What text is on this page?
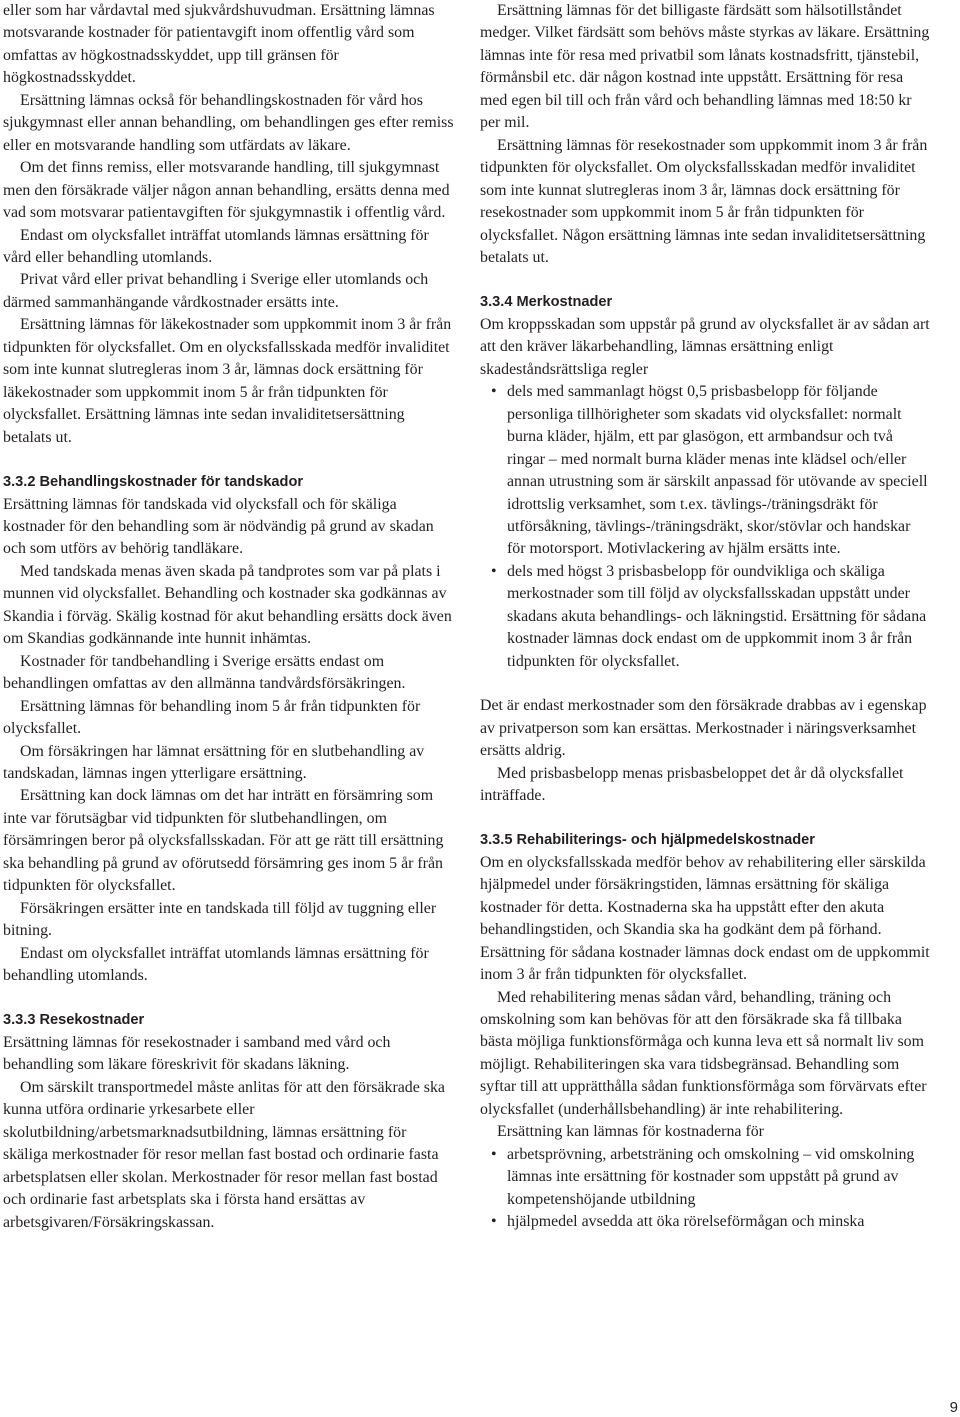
eller som har vårdavtal med sjukvårdshuvudman. Ersättning lämnas motsvarande kostnader för patientavgift inom offentlig vård som omfattas av högkostnadsskyddet, upp till gränsen för högkostnadsskyddet.

Ersättning lämnas också för behandlingskostnaden för vård hos sjukgymnast eller annan behandling, om behandlingen ges efter remiss eller en motsvarande handling som utfärdats av läkare.

Om det finns remiss, eller motsvarande handling, till sjukgymnast men den försäkrade väljer någon annan behandling, ersätts denna med vad som motsvarar patientavgiften för sjukgymnastik i offentlig vård.

Endast om olycksfallet inträffat utomlands lämnas ersättning för vård eller behandling utomlands.

Privat vård eller privat behandling i Sverige eller utomlands och därmed sammanhängande vårdkostnader ersätts inte.

Ersättning lämnas för läkekostnader som uppkommit inom 3 år från tidpunkten för olycksfallet. Om en olycksfallsskada medför invaliditet som inte kunnat slutregleras inom 3 år, lämnas dock ersättning för läkekostnader som uppkommit inom 5 år från tidpunkten för olycksfallet. Ersättning lämnas inte sedan invaliditetsersättning betalats ut.

3.3.2 Behandlingskostnader för tandskador

Ersättning lämnas för tandskada vid olycksfall och för skäliga kostnader för den behandling som är nödvändig på grund av skadan och som utförs av behörig tandläkare.

Med tandskada menas även skada på tandprotes som var på plats i munnen vid olycksfallet. Behandling och kostnader ska godkännas av Skandia i förväg. Skälig kostnad för akut behandling ersätts dock även om Skandias godkännande inte hunnit inhämtas.

Kostnader för tandbehandling i Sverige ersätts endast om behandlingen omfattas av den allmänna tandvårdsförsäkringen.

Ersättning lämnas för behandling inom 5 år från tidpunkten för olycksfallet.

Om försäkringen har lämnat ersättning för en slutbehandling av tandskadan, lämnas ingen ytterligare ersättning.

Ersättning kan dock lämnas om det har inträtt en försämring som inte var förutsägbar vid tidpunkten för slutbehandlingen, om försämringen beror på olycksfallsskadan. För att ge rätt till ersättning ska behandling på grund av oförutsedd försämring ges inom 5 år från tidpunkten för olycksfallet.

Försäkringen ersätter inte en tandskada till följd av tuggning eller bitning.

Endast om olycksfallet inträffat utomlands lämnas ersättning för behandling utomlands.

3.3.3 Resekostnader

Ersättning lämnas för resekostnader i samband med vård och behandling som läkare föreskrivit för skadans läkning.

Om särskilt transportmedel måste anlitas för att den försäkrade ska kunna utföra ordinarie yrkesarbete eller skolutbildning/arbetsmarknadsutbildning, lämnas ersättning för skäliga merkostnader för resor mellan fast bostad och ordinarie fasta arbetsplatsen eller skolan. Merkostnader för resor mellan fast bostad och ordinarie fast arbetsplats ska i första hand ersättas av arbetsgivaren/Försäkringskassan.

Ersättning lämnas för det billigaste färdsätt som hälsotillståndet medger. Vilket färdsätt som behövs måste styrkas av läkare. Ersättning lämnas inte för resa med privatbil som lånats kostnadsfritt, tjänstebil, förmånsbil etc. där någon kostnad inte uppstått. Ersättning för resa med egen bil till och från vård och behandling lämnas med 18:50 kr per mil.

Ersättning lämnas för resekostnader som uppkommit inom 3 år från tidpunkten för olycksfallet. Om olycksfallsskadan medför invaliditet som inte kunnat slutregleras inom 3 år, lämnas dock ersättning för resekostnader som uppkommit inom 5 år från tidpunkten för olycksfallet. Någon ersättning lämnas inte sedan invaliditetsersättning betalats ut.

3.3.4 Merkostnader

Om kroppsskadan som uppstår på grund av olycksfallet är av sådan art att den kräver läkarbehandling, lämnas ersättning enligt skadeståndsrättsliga regler

• dels med sammanlagt högst 0,5 prisbasbelopp för följande personliga tillhörigheter som skadats vid olycksfallet: normalt burna kläder, hjälm, ett par glasögon, ett armbandsur och två ringar – med normalt burna kläder menas inte klädsel och/eller annan utrustning som är särskilt anpassad för utövande av speciell idrottslig verksamhet, som t.ex. tävlings-/träningsdräkt för utförsåkning, tävlings-/träningsdräkt, skor/stövlar och handskar för motorsport. Motivlackering av hjälm ersätts inte.
• dels med högst 3 prisbasbelopp för oundvikliga och skäliga merkostnader som till följd av olycksfallsskadan uppstått under skadans akuta behandlings- och läkningstid. Ersättning för sådana kostnader lämnas dock endast om de uppkommit inom 3 år från tidpunkten för olycksfallet.

Det är endast merkostnader som den försäkrade drabbas av i egenskap av privatperson som kan ersättas. Merkostnader i näringsverksamhet ersätts aldrig.

Med prisbasbelopp menas prisbasbeloppet det år då olycksfallet inträffade.

3.3.5 Rehabiliterings- och hjälpmedelskostnader

Om en olycksfallsskada medför behov av rehabilitering eller särskilda hjälpmedel under försäkringstiden, lämnas ersättning för skäliga kostnader för detta. Kostnaderna ska ha uppstått efter den akuta behandlingstiden, och Skandia ska ha godkänt dem på förhand. Ersättning för sådana kostnader lämnas dock endast om de uppkommit inom 3 år från tidpunkten för olycksfallet.

Med rehabilitering menas sådan vård, behandling, träning och omskolning som kan behövas för att den försäkrade ska få tillbaka bästa möjliga funktionsförmåga och kunna leva ett så normalt liv som möjligt. Rehabiliteringen ska vara tidsbegränsad. Behandling som syftar till att upprätthålla sådan funktionsförmåga som förvärvats efter olycksfallet (underhållsbehandling) är inte rehabilitering.

Ersättning kan lämnas för kostnaderna för

• arbetsprövning, arbetsträning och omskolning – vid omskolning lämnas inte ersättning för kostnader som uppstått på grund av kompetenshöjande utbildning
• hjälpmedel avsedda att öka rörelseförmågan och minska
9
